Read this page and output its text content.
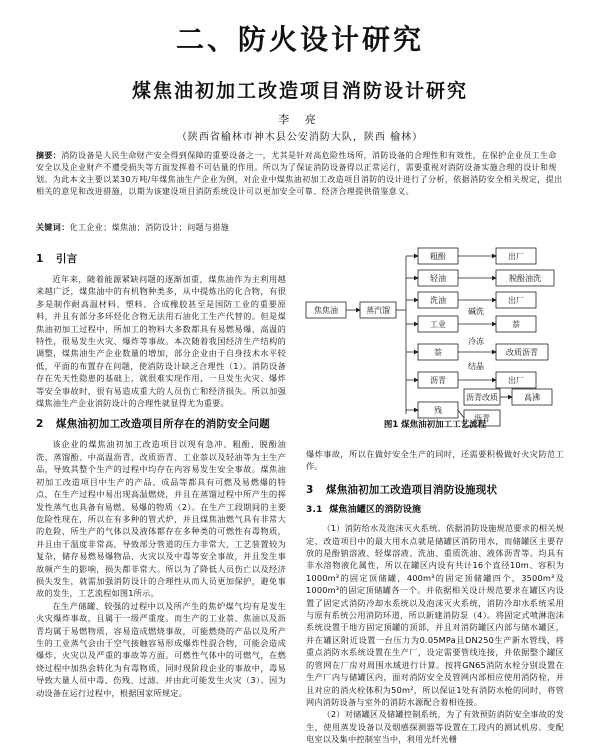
二、防火设计研究
煤焦油初加工改造项目消防设计研究
李 亮
（陕西省榆林市神木县公安消防大队，陕西 榆林）
摘要：消防设备是人民生命财产安全得到保障的重要设备之一，尤其是针对高危险性场所，消防设备的合理性和有效性，在保护企业员工生命安全以及企业财产不遭受损失等方面发挥着不可估量的作用。所以为了保证消防设备得以正常运行，需要重视对消防设备实施合理的设计和规划。为此本文主要以某30万吨/年煤焦油生产企业为例，对企业中煤焦油初加工改造项目消防的设计进行了分析，依据消防安全相关规定，提出相关的意见和改进措施，以期为该建设项目消防系统设计可以更加安全可靠、经济合理提供借鉴意义。
关键词：化工企业；煤焦油；消防设计；问题与措施
1 引言

近年来，随着能源紧缺问题的逐渐加重，煤焦油作为主利用越来越广泛，煤焦油中的有机物种类多，从中提炼出的化合物，有很多是制作耐高温材料、塑料、合成橡胶甚至是国防工业的重要原料，并且有部分多环烃化合物无法用石油化工生产代替的。但是煤焦油初加工过程中，所加工的物料大多数都具有易燃易爆、高温的特性，很易发生火灾、爆炸等事故。本次随着我国经济生产结构的调整，煤焦油生产企业数量的增加，部分企业由于自身技术水平较低，平面的布置存在问题，使消防设计缺乏合理性（1）。消防设备存在先天性隐患的基础上，就很难实现作用，一旦发生火灾、爆炸等安全事故时，很有易造成重大的人员伤亡和经济损失。所以加强煤焦油生产企业消防设计的合理性就显得尤为重要。

2 煤焦油初加工改造项目所存在的消防安全问题

该企业的煤焦油初加工改造项目以现有急冲、粗酚、脱酚油洗、蒸馏酚、中高温沥青、改质沥青、工业萘以及轻油等为主生产品，导致其整个生产的过程中均存在内容易发生安全事故。煤焦油初加工改造项目中生产的产品、成品等都具有可燃及易燃爆的特点，在生产过程中易出现高温燃烧，并且在蒸馏过程中所产生的挥发性蒸气也具备有易燃、易爆的物质（2）。在生产工段期间的主要危险性现在，所以在有多种的管式炉，并且煤焦油燃气具有非常大的危险，所生产的气体以及液体都存在多种类的可燃性有毒物质，并且由于温度非常高，导致部分管道的压力非常大，工艺装置较为复杂，储存易燃易爆物品、火灾以及中毒等安全事故，并且发生事故频产生的影响，损失都非常大。所以为了降低人员伤亡以及经济损失发生，就需加强消防设计的合理性从而人员更加保护，避免事故的发生，工艺流程如图1所示。

在生产储罐、较强的过程中以及所产生的焦炉煤气均有是发生火灾爆炸事故，且属于一级严重度。而生产的工业萘、焦油以及沥青均属于易燃物质，容易造成燃烧事故，可能燃烧的产品以及所产生的工业蒸气会由于空气接触容易形成爆炸性混合物，可能会造成爆炸、火灾以及严重的事故等方面。可燃性气体中的可燃气，在燃烧过程中加热会转化为有毒物质，同时现阶段企业的事故中，毒易导致大量人员中毒、伤残、过滤、并由此可能发生火灾（3）。因为动设备在运行过程中，根据国家所规定。

焦焦油	蒸汽馏
粗酚
轻油
洗油
工业
萘
沥青
残
出厂
脱酚油洗
出厂
萘
改质沥青
出厂
沥青改质	高沸
沥青
冷冻
结晶
碱洗
图1 煤焦油初加工工艺流程

爆炸事故，所以在做好安全生产的同时，还需要积极做好火灾防范工作。

3 煤焦油初加工改造项目消防设施现状
3.1 煤焦油罐区的消防设施

（1）消防给水及泡沫灭火系统。依据消防设施规范要求的相关规定，改造项目中的最大用水点就是储罐区消防用水，而储罐区主要存放的是酚钠溶液、轻煤溶液、洗油、重质洗油、液体沥青等。均具有非水溶物液化属性，所以在罐区内设有共计16个直径10m、容积为1000m³的固定顶储罐，400m³的固定顶储罐四个，3500m³及1000m³的固定顶储罐各一个。并依据相关设计规范要求在罐区内设置了固定式消防冷却水系统以及泡沫灭火系统，消防冷却水系统采用与原有系统公用消防环道，所以新建消防泵（4）。将固定式喷淋泡沫系统设置于地方固定顶罐的顶部，并且对消防罐区内部与储水罐区，并在罐区附近设置一台压力为0.05MPa且DN250生产新水管线，将重点消防水系统设置在生产厂，设定需要管线连接，并依据整个罐区的管网在厂房对周围水域进行计算。按将GN65消防水栓分别设置在生产厂内与储罐区内，面对消防安全及管网内部相应使用消防栓，并且对应的消火栓体积为50m²，所以保证1处有消防水枪的同时，将管网内消防设备与室外的消防水源配合着相连接。

（2）对储罐区及储罐控制系统，为了有效预防消防安全事故的发生，使用蒸发设备以及烟感探测器等设置在工段内的测试机房、变配电室以及集中控制室当中，利用光纤光栅
